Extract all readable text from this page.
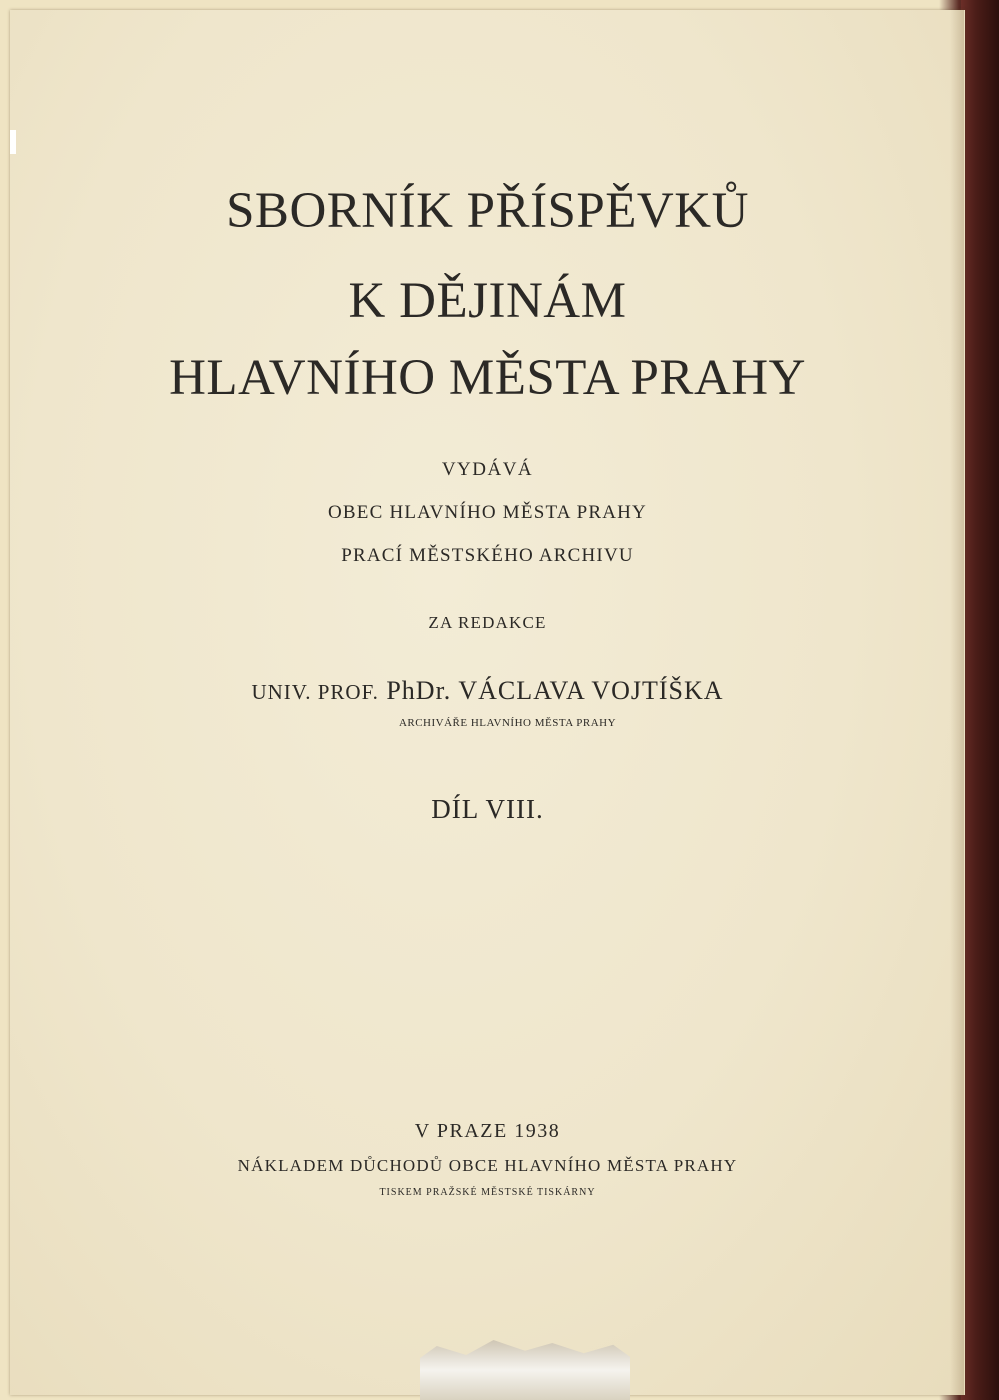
SBORNÍK PŘÍSPĚVKŮ
K DĚJINÁM
HLAVNÍHO MĚSTA PRAHY
VYDÁVÁ
OBEC HLAVNÍHO MĚSTA PRAHY
PRACÍ MĚSTSKÉHO ARCHIVU
ZA REDAKCE
UNIV. PROF. PhDr. VÁCLAVA VOJTÍŠKA
ARCHIVÁŘE HLAVNÍHO MĚSTA PRAHY
DÍL VIII.
V PRAZE 1938
NÁKLADEM DŮCHODŮ OBCE HLAVNÍHO MĚSTA PRAHY
TISKEM PRAŽSKÉ MĚSTSKÉ TISKÁRNY
